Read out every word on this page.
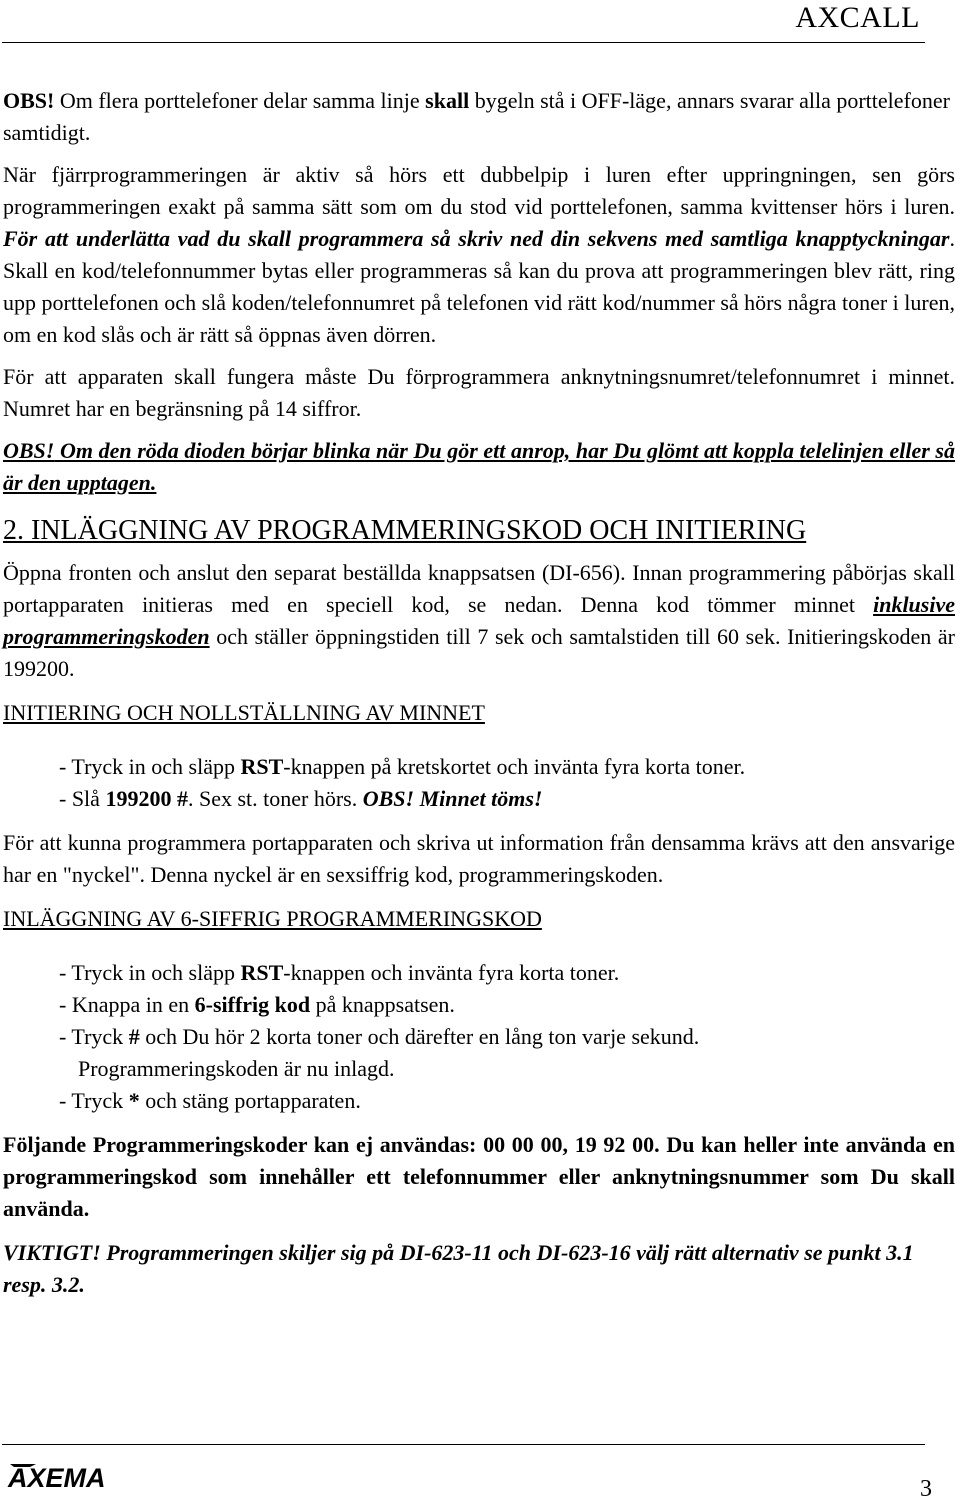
AXCALL

OBS! Om flera porttelefoner delar samma linje skall bygeln stå i OFF-läge, annars svarar alla porttelefoner samtidigt.

När fjärrprogrammeringen är aktiv så hörs ett dubbelpip i luren efter uppringningen, sen görs programmeringen exakt på samma sätt som om du stod vid porttelefonen, samma kvittenser hörs i luren. För att underlätta vad du skall programmera så skriv ned din sekvens med samtliga knapptyckningar. Skall en kod/telefonnummer bytas eller programmeras så kan du prova att programmeringen blev rätt, ring upp porttelefonen och slå koden/telefonnumret på telefonen vid rätt kod/nummer så hörs några toner i luren, om en kod slås och är rätt så öppnas även dörren.

För att apparaten skall fungera måste Du förprogrammera anknytningsnumret/telefonnumret i minnet. Numret har en begränsning på 14 siffror.

OBS! Om den röda dioden börjar blinka när Du gör ett anrop, har Du glömt att koppla telelinjen eller så är den upptagen.

2. INLÄGGNING AV PROGRAMMERINGSKOD OCH INITIERING

Öppna fronten och anslut den separat beställda knappsatsen (DI-656). Innan programmering påbörjas skall portapparaten initieras med en speciell kod, se nedan. Denna kod tömmer minnet inklusive programmeringskoden och ställer öppningstiden till 7 sek och samtalstiden till 60 sek. Initieringskoden är 199200.

INITIERING OCH NOLLSTÄLLNING AV MINNET

- Tryck in och släpp RST-knappen på kretskortet och invänta fyra korta toner.

- Slå 199200 #. Sex st. toner hörs. OBS! Minnet töms!

För att kunna programmera portapparaten och skriva ut information från densamma krävs att den ansvarige har en "nyckel". Denna nyckel är en sexsiffrig kod, programmeringskoden.

INLÄGGNING AV 6-SIFFRIG PROGRAMMERINGSKOD

- Tryck in och släpp RST-knappen och invänta fyra korta toner.

- Knappa in en 6-siffrig kod på knappsatsen.

- Tryck # och Du hör 2 korta toner och därefter en lång ton varje sekund.

Programmeringskoden är nu inlagd.

- Tryck * och stäng portapparaten.

Följande Programmeringskoder kan ej användas: 00 00 00, 19 92 00. Du kan heller inte använda en programmeringskod som innehåller ett telefonnummer eller anknytningsnummer som Du skall använda.

VIKTIGT! Programmeringen skiljer sig på DI-623-11 och DI-623-16 välj rätt alternativ se punkt 3.1 resp. 3.2.

AXEMA	3
